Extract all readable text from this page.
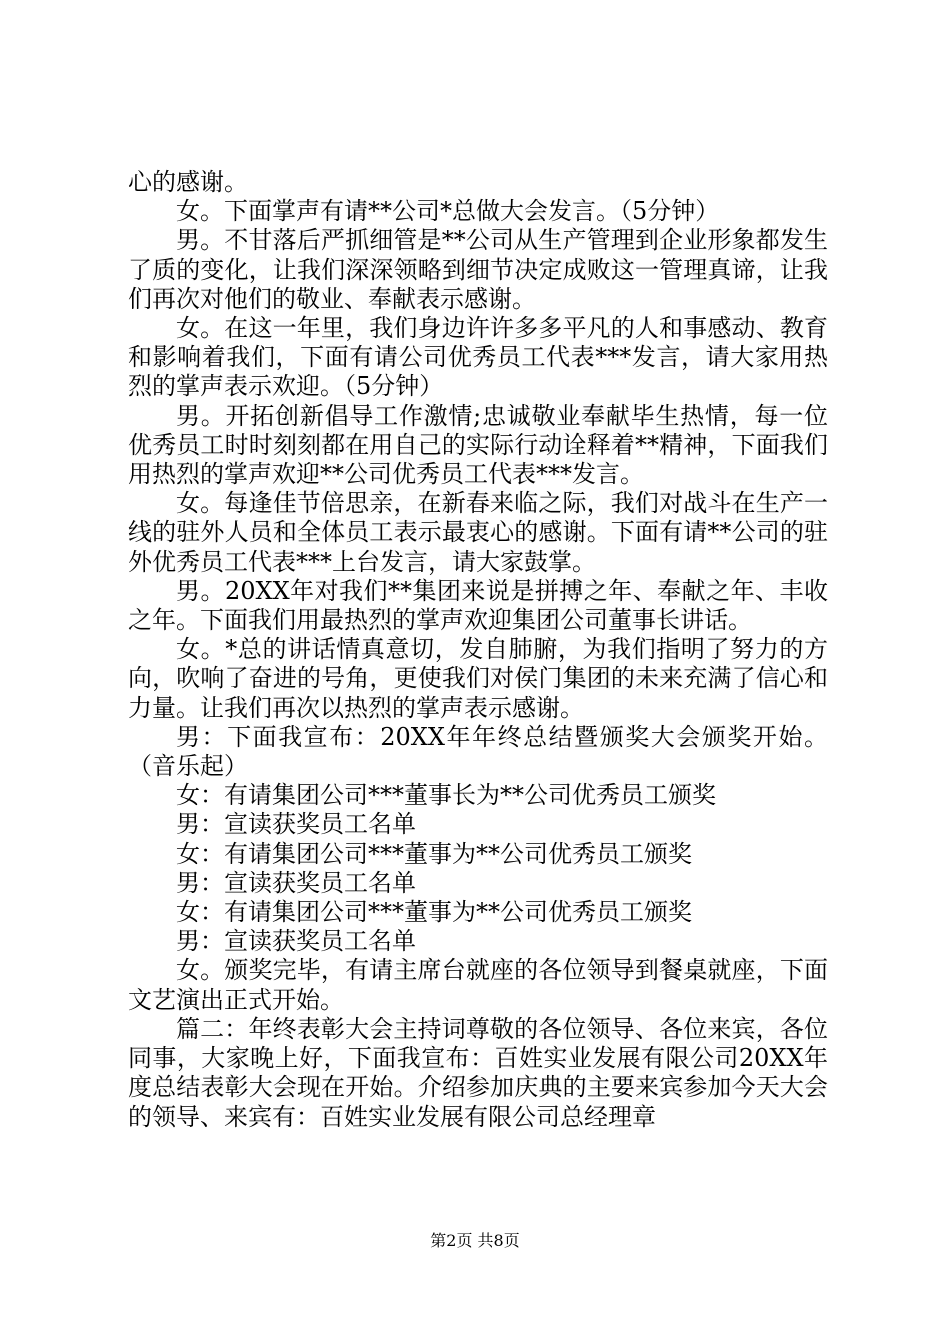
心的感谢。

女。下面掌声有请**公司*总做大会发言。（5分钟）

男。不甘落后严抓细管是**公司从生产管理到企业形象都发生了质的变化，让我们深深领略到细节决定成败这一管理真谛，让我们再次对他们的敬业、奉献表示感谢。

女。在这一年里，我们身边许许多多平凡的人和事感动、教育和影响着我们，下面有请公司优秀员工代表***发言，请大家用热烈的掌声表示欢迎。（5分钟）

男。开拓创新倡导工作激情;忠诚敬业奉献毕生热情，每一位优秀员工时时刻刻都在用自己的实际行动诠释着**精神，下面我们用热烈的掌声欢迎**公司优秀员工代表***发言。

女。每逢佳节倍思亲，在新春来临之际，我们对战斗在生产一线的驻外人员和全体员工表示最衷心的感谢。下面有请**公司的驻外优秀员工代表***上台发言，请大家鼓掌。

男。20XX年对我们**集团来说是拼搏之年、奉献之年、丰收之年。下面我们用最热烈的掌声欢迎集团公司董事长讲话。

女。*总的讲话情真意切，发自肺腑，为我们指明了努力的方向，吹响了奋进的号角，更使我们对侯门集团的未来充满了信心和力量。让我们再次以热烈的掌声表示感谢。

男：下面我宣布：20XX年年终总结暨颁奖大会颁奖开始。（音乐起）

女：有请集团公司***董事长为**公司优秀员工颁奖

男：宣读获奖员工名单

女：有请集团公司***董事为**公司优秀员工颁奖

男：宣读获奖员工名单

女：有请集团公司***董事为**公司优秀员工颁奖

男：宣读获奖员工名单

女。颁奖完毕，有请主席台就座的各位领导到餐桌就座，下面文艺演出正式开始。

篇二：年终表彰大会主持词尊敬的各位领导、各位来宾，各位同事，大家晚上好，下面我宣布：百姓实业发展有限公司20XX年度总结表彰大会现在开始。介绍参加庆典的主要来宾参加今天大会的领导、来宾有：百姓实业发展有限公司总经理章

第2页 共8页
